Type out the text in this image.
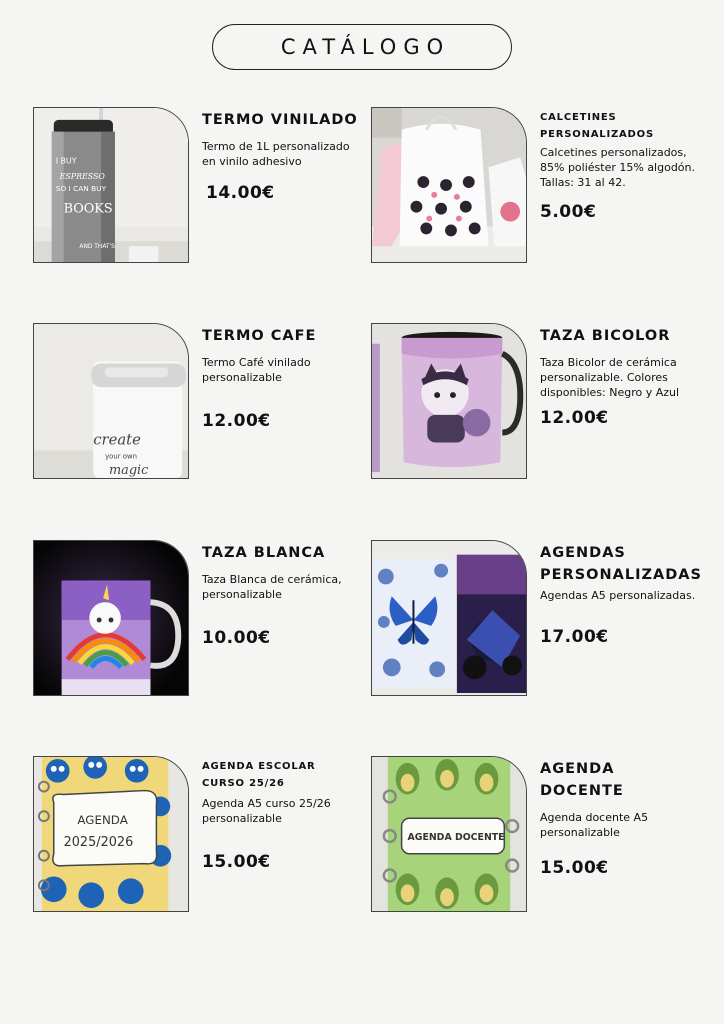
CATÁLOGO
I BUY
ESPRESSO
SO I CAN BUY
BOOKS
AND THAT'S
TERMO VINILADO
Termo de 1L personalizado en vinilo adhesivo
14.00€
CALCETINES PERSONALIZADOS
Calcetines personalizados, 85% poliéster 15% algodón. Tallas: 31 al 42.
5.00€
create
your own
magic
TERMO CAFE
Termo Café vinilado personalizable
12.00€
TAZA BICOLOR
Taza Bicolor de cerámica personalizable. Colores disponibles: Negro y Azul
12.00€
TAZA BLANCA
Taza Blanca de cerámica, personalizable
10.00€
AGENDAS PERSONALIZADAS
Agendas A5 personalizadas.
17.00€
AGENDA
2025/2026
AGENDA ESCOLAR CURSO 25/26
Agenda A5 curso 25/26 personalizable
15.00€
AGENDA DOCENTE
AGENDA DOCENTE
Agenda docente A5 personalizable
15.00€
